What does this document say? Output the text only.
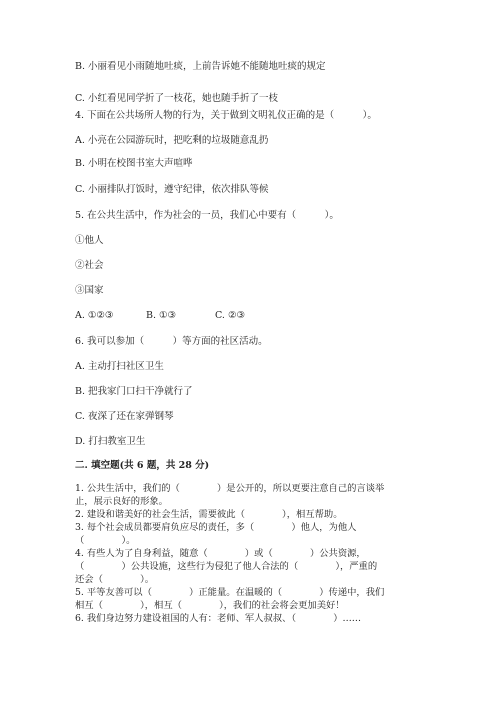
B. 小丽看见小雨随地吐痰，上前告诉她不能随地吐痰的规定
C. 小红看见同学折了一枝花，她也随手折了一枝
4. 下面在公共场所人物的行为，关于做到文明礼仪正确的是（　　　）。
A. 小亮在公园游玩时，把吃剩的垃圾随意乱扔
B. 小明在校图书室大声喧哗
C. 小丽排队打饭时，遵守纪律，依次排队等候
5. 在公共生活中，作为社会的一员，我们心中要有（　　　）。
①他人
②社会
③国家
A. ①②③	B. ①③	C. ②③
6. 我可以参加（　　　）等方面的社区活动。
A. 主动打扫社区卫生
B. 把我家门口扫干净就行了
C. 夜深了还在家弹钢琴
D. 打扫教室卫生
二. 填空题(共 6 题，共 28 分)
1. 公共生活中，我们的（　　　　）是公开的，所以更要注意自己的言谈举
止，展示良好的形象。
2. 建设和谐美好的社会生活，需要彼此（　　　　），相互帮助。
3. 每个社会成员都要肩负应尽的责任，多（　　　　）他人，为他人
（　　　　）。
4. 有些人为了自身利益，随意（　　　　）或（　　　　）公共资源，
（　　　　）公共设施，这些行为侵犯了他人合法的（　　　　），严重的
还会（　　　　）。
5. 平等友善可以（　　　　）正能量。在温暖的（　　　　）传递中，我们
相互（　　　　），相互（　　　　），我们的社会将会更加美好！
6. 我们身边努力建设祖国的人有：老师、军人叔叔、（　　　　）……
